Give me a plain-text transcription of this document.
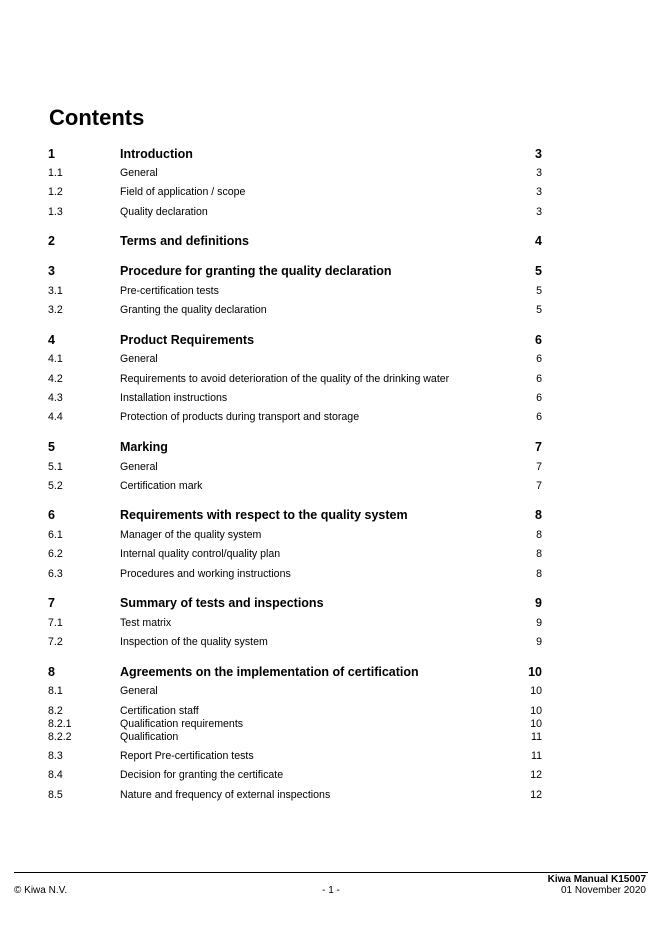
Contents
1	Introduction	3
1.1	General	3
1.2	Field of application / scope	3
1.3	Quality declaration	3
2	Terms and definitions	4
3	Procedure for granting the quality declaration	5
3.1	Pre-certification tests	5
3.2	Granting the quality declaration	5
4	Product Requirements	6
4.1	General	6
4.2	Requirements to avoid deterioration of the quality of the drinking water	6
4.3	Installation instructions	6
4.4	Protection of products during transport and storage	6
5	Marking	7
5.1	General	7
5.2	Certification mark	7
6	Requirements with respect to the quality system	8
6.1	Manager of the quality system	8
6.2	Internal quality control/quality plan	8
6.3	Procedures and working instructions	8
7	Summary of tests and inspections	9
7.1	Test matrix	9
7.2	Inspection of the quality system	9
8	Agreements on the implementation of certification	10
8.1	General	10
8.2	Certification staff	10
8.2.1	Qualification requirements	10
8.2.2	Qualification	11
8.3	Report Pre-certification tests	11
8.4	Decision for granting the certificate	12
8.5	Nature and frequency of external inspections	12
© Kiwa N.V.	- 1 -
Kiwa Manual K15007
01 November 2020
